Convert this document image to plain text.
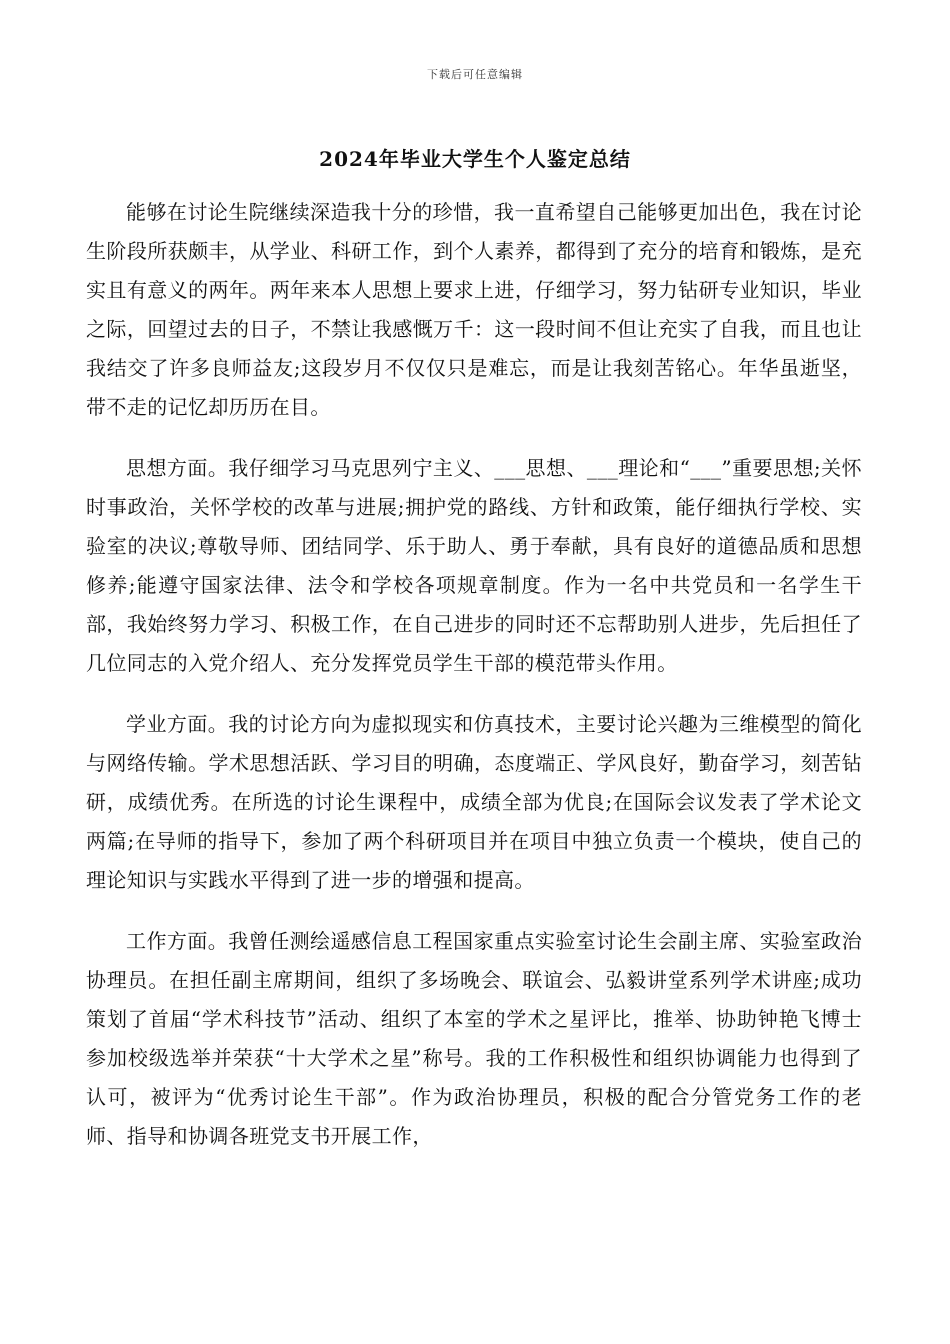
下载后可任意编辑
2024年毕业大学生个人鉴定总结

能够在讨论生院继续深造我十分的珍惜，我一直希望自己能够更加出色，我在讨论生阶段所获颇丰，从学业、科研工作，到个人素养，都得到了充分的培育和锻炼，是充实且有意义的两年。两年来本人思想上要求上进，仔细学习，努力钻研专业知识，毕业之际，回望过去的日子，不禁让我感慨万千：这一段时间不但让充实了自我，而且也让我结交了许多良师益友;这段岁月不仅仅只是难忘，而是让我刻苦铭心。年华虽逝坚，带不走的记忆却历历在目。

思想方面。我仔细学习马克思列宁主义、___思想、___理论和“___”重要思想;关怀时事政治，关怀学校的改革与进展;拥护党的路线、方针和政策，能仔细执行学校、实验室的决议;尊敬导师、团结同学、乐于助人、勇于奉献，具有良好的道德品质和思想修养;能遵守国家法律、法令和学校各项规章制度。作为一名中共党员和一名学生干部，我始终努力学习、积极工作，在自己进步的同时还不忘帮助别人进步，先后担任了几位同志的入党介绍人、充分发挥党员学生干部的模范带头作用。

学业方面。我的讨论方向为虚拟现实和仿真技术，主要讨论兴趣为三维模型的简化与网络传输。学术思想活跃、学习目的明确，态度端正、学风良好，勤奋学习，刻苦钻研，成绩优秀。在所选的讨论生课程中，成绩全部为优良;在国际会议发表了学术论文两篇;在导师的指导下，参加了两个科研项目并在项目中独立负责一个模块，使自己的理论知识与实践水平得到了进一步的增强和提高。

工作方面。我曾任测绘遥感信息工程国家重点实验室讨论生会副主席、实验室政治协理员。在担任副主席期间，组织了多场晚会、联谊会、弘毅讲堂系列学术讲座;成功策划了首届“学术科技节”活动、组织了本室的学术之星评比，推举、协助钟艳飞博士参加校级选举并荣获“十大学术之星”称号。我的工作积极性和组织协调能力也得到了认可，被评为“优秀讨论生干部”。作为政治协理员，积极的配合分管党务工作的老师、指导和协调各班党支书开展工作，
